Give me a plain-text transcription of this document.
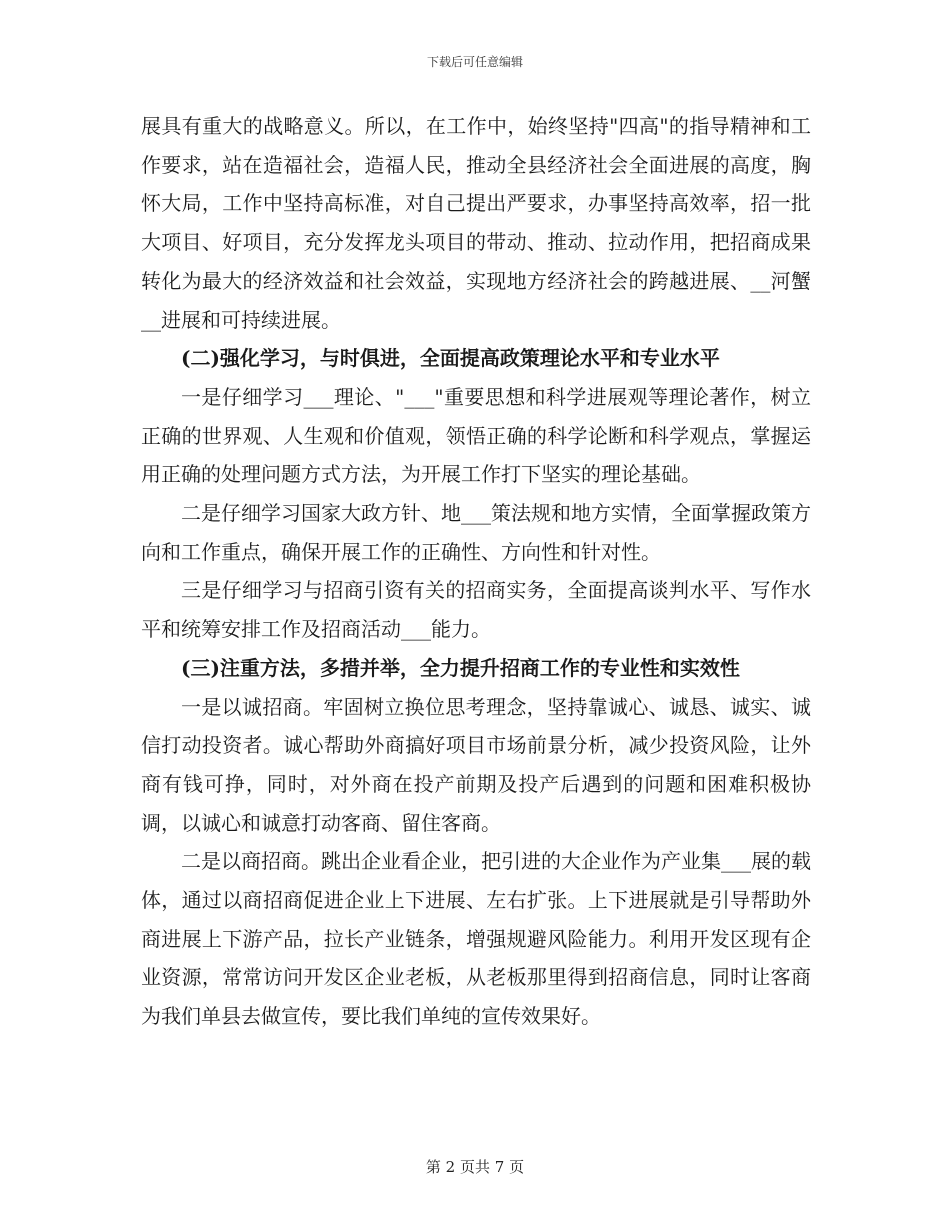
下载后可任意编辑

展具有重大的战略意义。所以，在工作中，始终坚持"四高"的指导精神和工作要求，站在造福社会，造福人民，推动全县经济社会全面进展的高度，胸怀大局，工作中坚持高标准，对自己提出严要求，办事坚持高效率，招一批大项目、好项目，充分发挥龙头项目的带动、推动、拉动作用，把招商成果转化为最大的经济效益和社会效益，实现地方经济社会的跨越进展、__河蟹__进展和可持续进展。

(二)强化学习，与时俱进，全面提高政策理论水平和专业水平

一是仔细学习___理论、"___"重要思想和科学进展观等理论著作，树立正确的世界观、人生观和价值观，领悟正确的科学论断和科学观点，掌握运用正确的处理问题方式方法，为开展工作打下坚实的理论基础。

二是仔细学习国家大政方针、地___策法规和地方实情，全面掌握政策方向和工作重点，确保开展工作的正确性、方向性和针对性。

三是仔细学习与招商引资有关的招商实务，全面提高谈判水平、写作水平和统筹安排工作及招商活动___能力。

(三)注重方法，多措并举，全力提升招商工作的专业性和实效性

一是以诚招商。牢固树立换位思考理念，坚持靠诚心、诚恳、诚实、诚信打动投资者。诚心帮助外商搞好项目市场前景分析，减少投资风险，让外商有钱可挣，同时，对外商在投产前期及投产后遇到的问题和困难积极协调，以诚心和诚意打动客商、留住客商。

二是以商招商。跳出企业看企业，把引进的大企业作为产业集___展的载体，通过以商招商促进企业上下进展、左右扩张。上下进展就是引导帮助外商进展上下游产品，拉长产业链条，增强规避风险能力。利用开发区现有企业资源，常常访问开发区企业老板，从老板那里得到招商信息，同时让客商为我们单县去做宣传，要比我们单纯的宣传效果好。

第 2 页共 7 页
